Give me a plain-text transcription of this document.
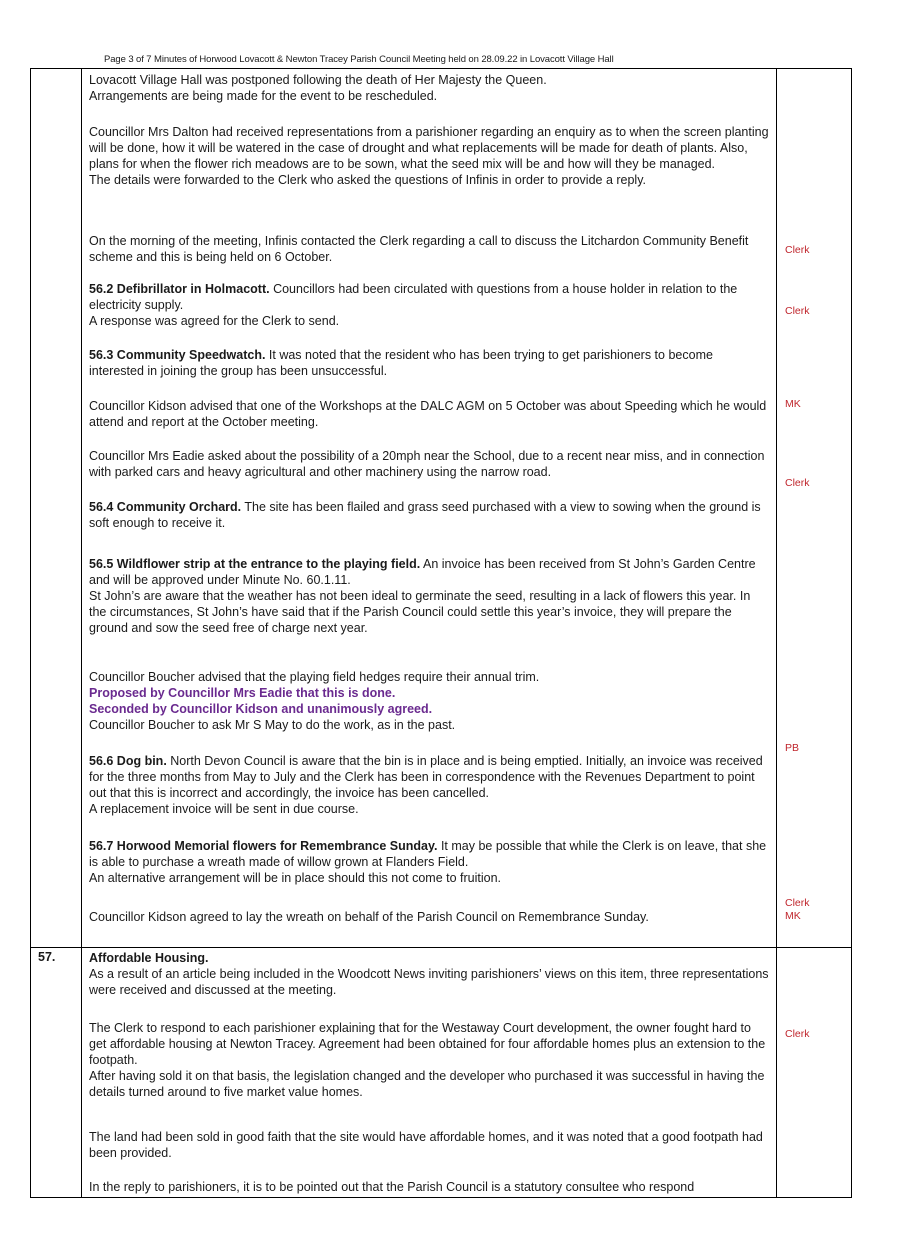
Page 3 of 7 Minutes of Horwood Lovacott & Newton Tracey Parish Council Meeting held on 28.09.22 in Lovacott Village Hall
Lovacott Village Hall was postponed following the death of Her Majesty the Queen.
Arrangements are being made for the event to be rescheduled.
Councillor Mrs Dalton had received representations from a parishioner regarding an enquiry as to when the screen planting will be done, how it will be watered in the case of drought and what replacements will be made for death of plants. Also, plans for when the flower rich meadows are to be sown, what the seed mix will be and how will they be managed.
The details were forwarded to the Clerk who asked the questions of Infinis in order to provide a reply.
On the morning of the meeting, Infinis contacted the Clerk regarding a call to discuss the Litchardon Community Benefit scheme and this is being held on 6 October.
56.2 Defibrillator in Holmacott. Councillors had been circulated with questions from a house holder in relation to the electricity supply.
A response was agreed for the Clerk to send.
56.3 Community Speedwatch. It was noted that the resident who has been trying to get parishioners to become interested in joining the group has been unsuccessful.
Councillor Kidson advised that one of the Workshops at the DALC AGM on 5 October was about Speeding which he would attend and report at the October meeting.
Councillor Mrs Eadie asked about the possibility of a 20mph near the School, due to a recent near miss, and in connection with parked cars and heavy agricultural and other machinery using the narrow road.
56.4 Community Orchard. The site has been flailed and grass seed purchased with a view to sowing when the ground is soft enough to receive it.
56.5 Wildflower strip at the entrance to the playing field. An invoice has been received from St John’s Garden Centre and will be approved under Minute No. 60.1.11.
St John’s are aware that the weather has not been ideal to germinate the seed, resulting in a lack of flowers this year. In the circumstances, St John’s have said that if the Parish Council could settle this year’s invoice, they will prepare the ground and sow the seed free of charge next year.
Councillor Boucher advised that the playing field hedges require their annual trim.
Proposed by Councillor Mrs Eadie that this is done.
Seconded by Councillor Kidson and unanimously agreed.
Councillor Boucher to ask Mr S May to do the work, as in the past.
56.6 Dog bin. North Devon Council is aware that the bin is in place and is being emptied. Initially, an invoice was received for the three months from May to July and the Clerk has been in correspondence with the Revenues Department to point out that this is incorrect and accordingly, the invoice has been cancelled.
A replacement invoice will be sent in due course.
56.7 Horwood Memorial flowers for Remembrance Sunday. It may be possible that while the Clerk is on leave, that she is able to purchase a wreath made of willow grown at Flanders Field.
An alternative arrangement will be in place should this not come to fruition.
Councillor Kidson agreed to lay the wreath on behalf of the Parish Council on Remembrance Sunday.
57.	Affordable Housing.
As a result of an article being included in the Woodcott News inviting parishioners’ views on this item, three representations were received and discussed at the meeting.
The Clerk to respond to each parishioner explaining that for the Westaway Court development, the owner fought hard to get affordable housing at Newton Tracey. Agreement had been obtained for four affordable homes plus an extension to the footpath.
After having sold it on that basis, the legislation changed and the developer who purchased it was successful in having the details turned around to five market value homes.
The land had been sold in good faith that the site would have affordable homes, and it was noted that a good footpath had been provided.
In the reply to parishioners, it is to be pointed out that the Parish Council is a statutory consultee who respond
Clerk
Clerk
MK
Clerk
PB
Clerk
MK
Clerk
